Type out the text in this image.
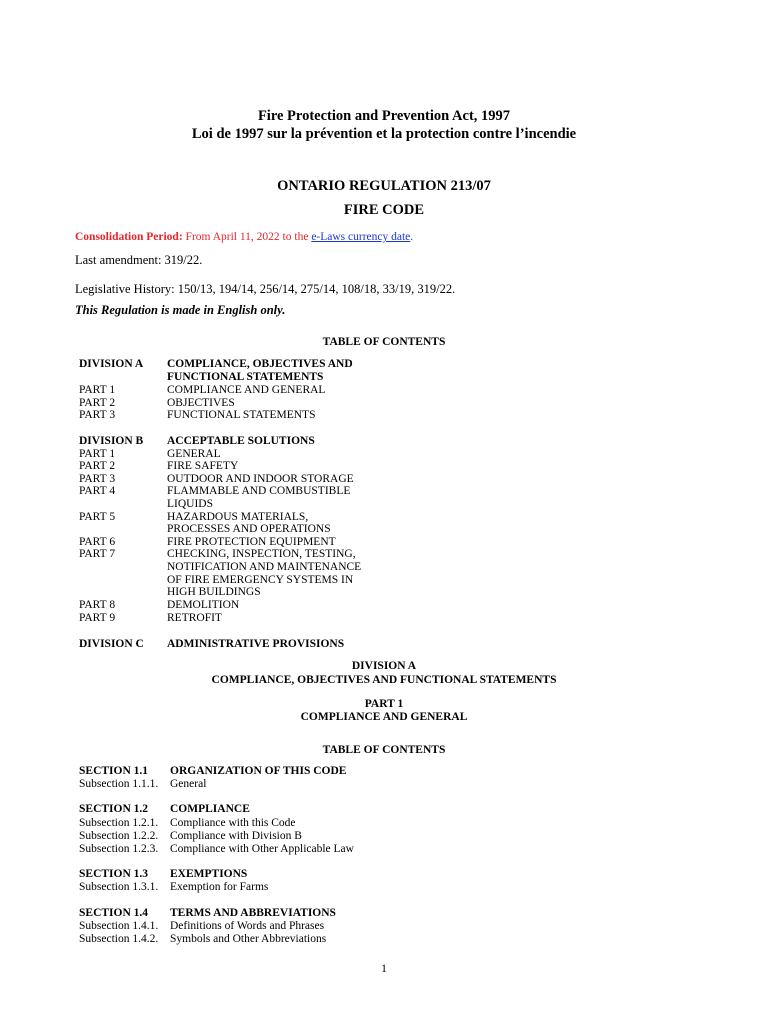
Fire Protection and Prevention Act, 1997
Loi de 1997 sur la prévention et la protection contre l’incendie
ONTARIO REGULATION 213/07
FIRE CODE
Consolidation Period: From April 11, 2022 to the e-Laws currency date.
Last amendment: 319/22.
Legislative History: 150/13, 194/14, 256/14, 275/14, 108/18, 33/19, 319/22.
This Regulation is made in English only.
TABLE OF CONTENTS
DIVISION A COMPLIANCE, OBJECTIVES AND
FUNCTIONAL STATEMENTS
PART 1	COMPLIANCE AND GENERAL
PART 2	OBJECTIVES
PART 3	FUNCTIONAL STATEMENTS
DIVISION B ACCEPTABLE SOLUTIONS
PART 1	GENERAL
PART 2	FIRE SAFETY
PART 3	OUTDOOR AND INDOOR STORAGE
PART 4	FLAMMABLE AND COMBUSTIBLE
LIQUIDS
PART 5	HAZARDOUS MATERIALS,
PROCESSES AND OPERATIONS
PART 6	FIRE PROTECTION EQUIPMENT
PART 7	CHECKING, INSPECTION, TESTING,
NOTIFICATION AND MAINTENANCE
OF FIRE EMERGENCY SYSTEMS IN
HIGH BUILDINGS
PART 8	DEMOLITION
PART 9	RETROFIT
DIVISION C ADMINISTRATIVE PROVISIONS
DIVISION A
COMPLIANCE, OBJECTIVES AND FUNCTIONAL STATEMENTS
PART 1
COMPLIANCE AND GENERAL
TABLE OF CONTENTS
SECTION 1.1 ORGANIZATION OF THIS CODE
Subsection 1.1.1. General
SECTION 1.2 COMPLIANCE
Subsection 1.2.1. Compliance with this Code
Subsection 1.2.2. Compliance with Division B
Subsection 1.2.3. Compliance with Other Applicable Law
SECTION 1.3 EXEMPTIONS
Subsection 1.3.1. Exemption for Farms
SECTION 1.4 TERMS AND ABBREVIATIONS
Subsection 1.4.1. Definitions of Words and Phrases
Subsection 1.4.2. Symbols and Other Abbreviations
1
